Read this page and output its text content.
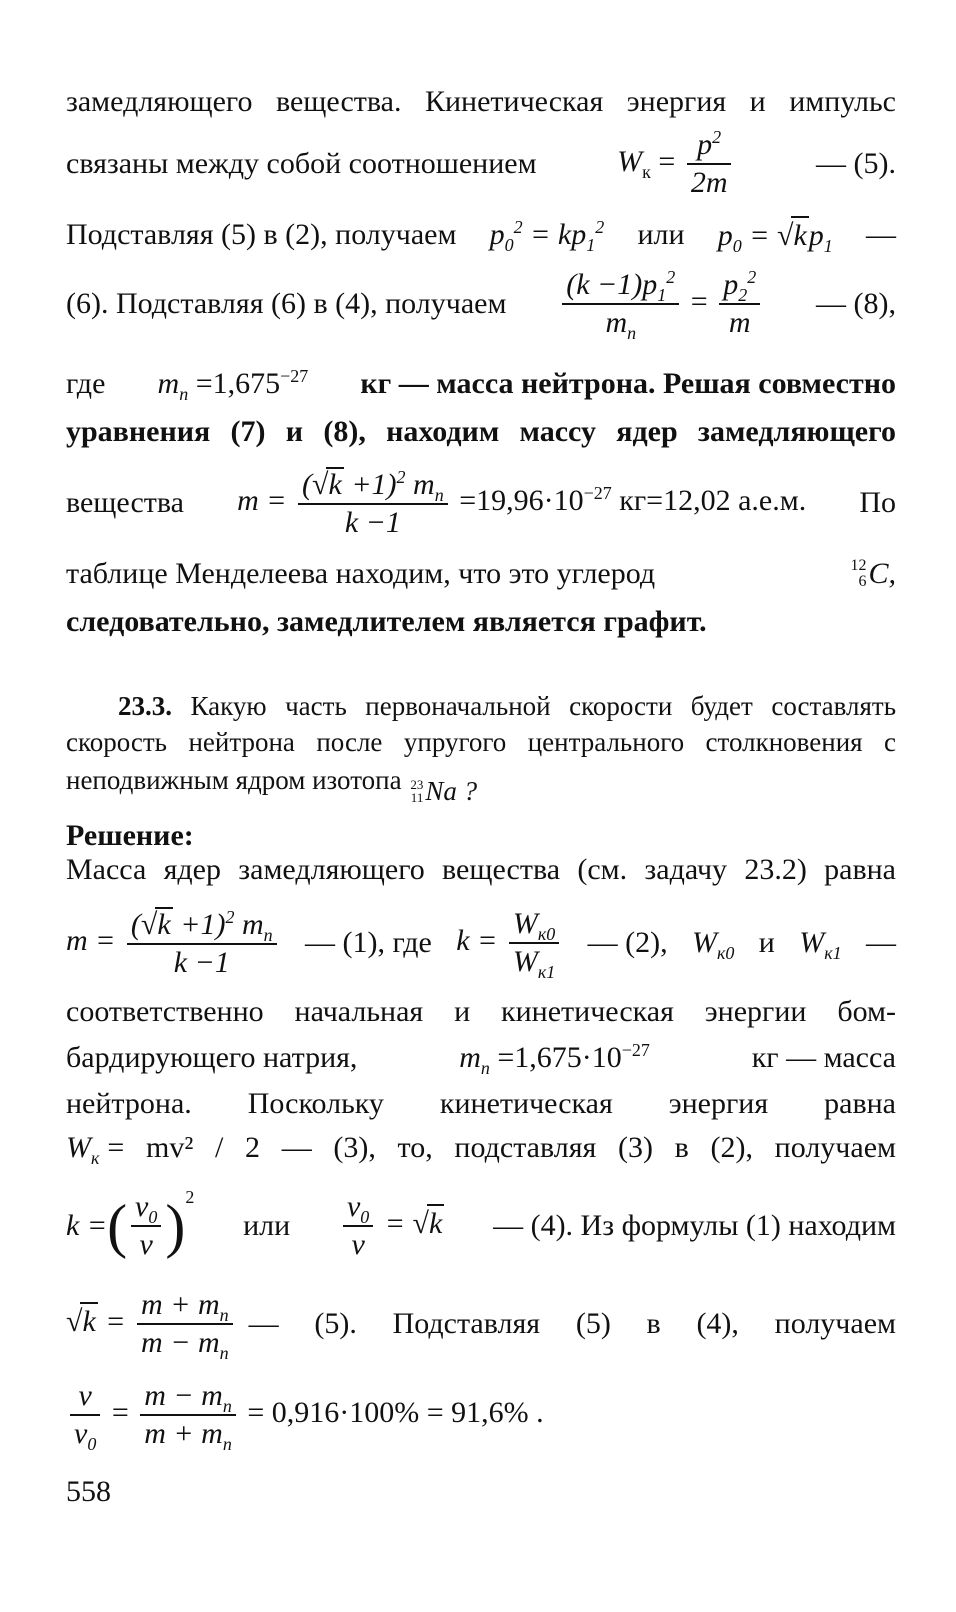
замедляющего вещества. Кинетическая энергия и импульс
связаны между собой соотношением	$W_к = \frac{p^2}{2m}$	— (5).
Подставляя (5) в (2), получаем $p_0^2 = kp_1^2$ или $p_0 = √kp_1$ —
(6). Подставляя (6) в (4), получаем $\frac{(k -1)p_1^2}{m_n} = \frac{p_2^2}{m}$ — (8),
где $m_n =1,675^{-27}$ кг — масса нейтрона. Решая совместно
уравнения (7) и (8), находим массу ядер замедляющего
вещества $m = \frac{(√k +1)^2 m_n}{k -1} =19,96\cdot 10^{-27}$ кг=12,02 а.е.м. По
таблице Менделеева находим, что это углерод	12
6 C,
следовательно, замедлителем является графит.
23.3. Какую часть первоначальной скорости будет составлять
скорость нейтрона после упругого центрального столкновения с
неподвижным ядром изотопа 23
11 Na ?
Решение:
Масса ядер замедляющего вещества (см. задачу 23.2) равна
$m = \frac{(√k +1)^2 m_n}{k -1}$ — (1), где $k = \frac{W_{к0}}{W_{к1}}$ — (2), $W_{к0}$ и $W_{к1}$ —
соответственно начальная и кинетическая энергии бом-
бардирующего натрия,	$m_n =1,675\cdot 10^{-27}$	кг — масса
нейтрона. Поскольку кинетическая энергия равна
$W_к = mv^2 / 2$ — (3), то, подставляя (3) в (2), получаем
k = ( $\frac{v_0}{v}$ ) 2
или $\frac{v_0}{v} = √k$ — (4). Из формулы (1) находим
$√k = \frac{m + m_n}{m - m_n}$ — (5). Подставляя (5) в (4), получаем
$\frac{v}{v_0} = \frac{m - m_n}{m + m_n} = 0,916\cdot 100\% = 91,6\%$ .
558
